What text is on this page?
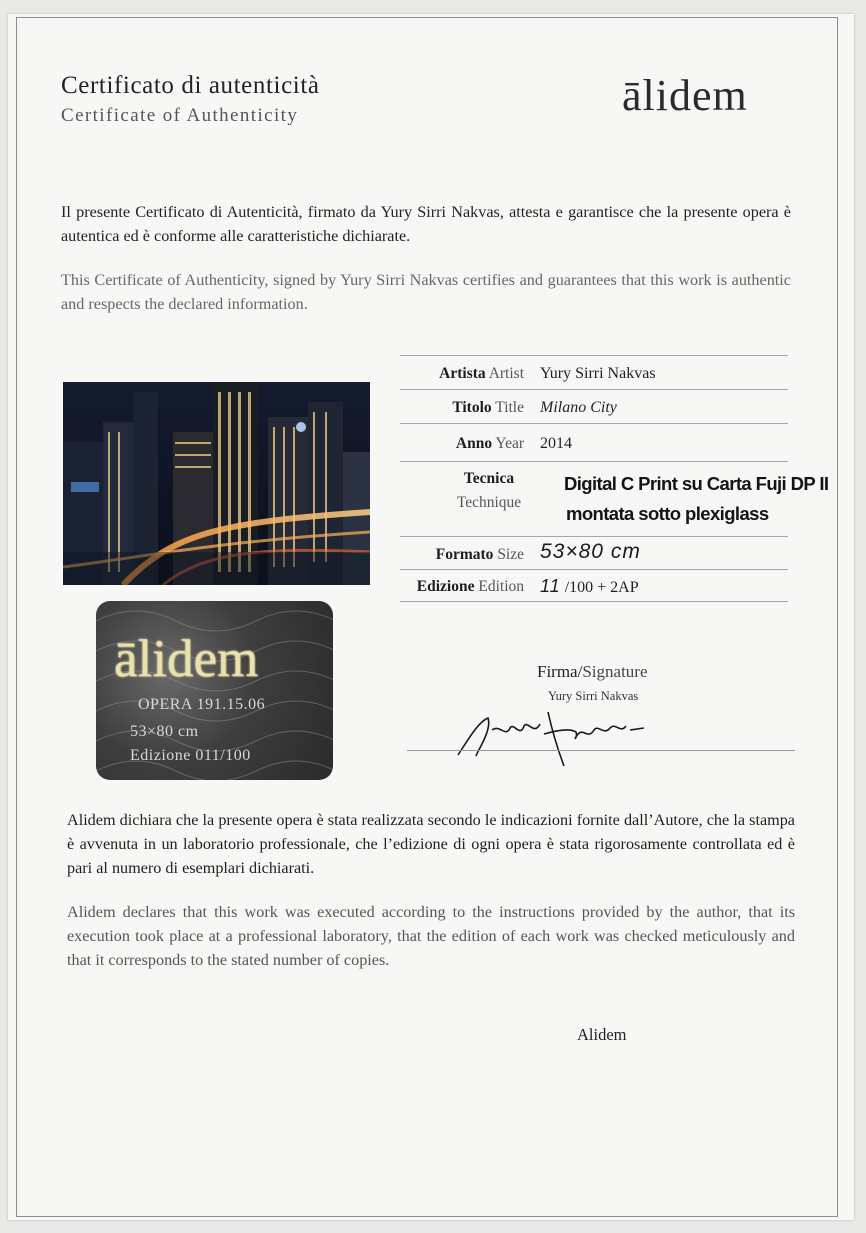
Certificato di autenticità
Certificate of Authenticity	ālidem
Il presente Certificato di Autenticità, firmato da Yury Sirri Nakvas, attesta e garantisce che la presente opera è autentica ed è conforme alle caratteristiche dichiarate.
This Certificate of Authenticity, signed by Yury Sirri Nakvas certifies and guarantees that this work is authentic and respects the declared information.
ālidem
OPERA 191.15.06
53×80 cm
Edizione 011/100
Artista Artist Yury Sirri Nakvas
Titolo Title Milano City
Anno Year 2014
Tecnica
Technique
Digital C Print su Carta Fuji DP II
montata sotto plexiglass
Formato Size 53×80 cm
Edizione Edition 11 /100 + 2AP
Firma/Signature
Yury Sirri Nakvas
Alidem dichiara che la presente opera è stata realizzata secondo le indicazioni fornite dall’Autore, che la stampa è avvenuta in un laboratorio professionale, che l’edizione di ogni opera è stata rigorosamente controllata ed è pari al numero di esemplari dichiarati.
Alidem declares that this work was executed according to the instructions provided by the author, that its execution took place at a professional laboratory, that the edition of each work was checked meticulously and that it corresponds to the stated number of copies.
Alidem
